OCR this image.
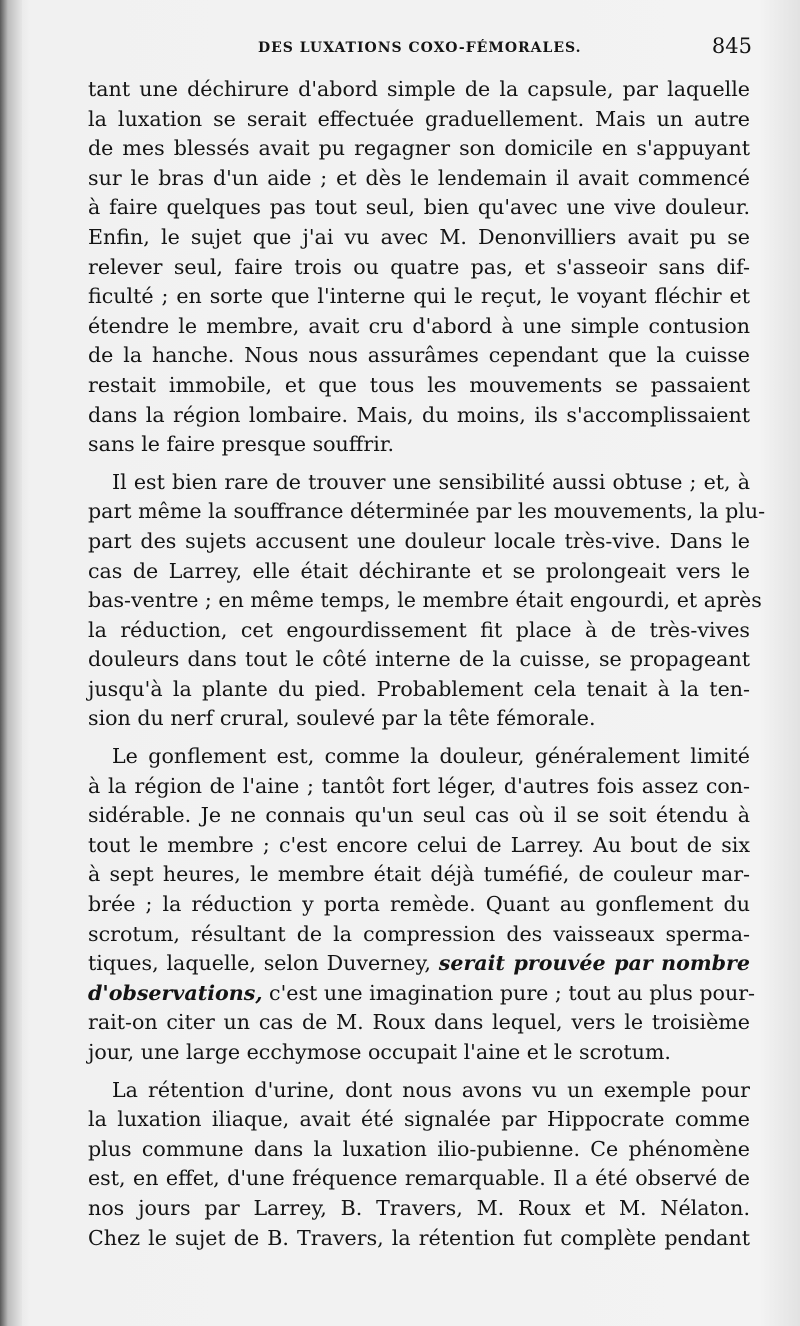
DES LUXATIONS COXO-FÉMORALES.	845
tant une déchirure d'abord simple de la capsule, par laquelle
la luxation se serait effectuée graduellement. Mais un autre
de mes blessés avait pu regagner son domicile en s'appuyant
sur le bras d'un aide ; et dès le lendemain il avait commencé
à faire quelques pas tout seul, bien qu'avec une vive douleur.
Enfin, le sujet que j'ai vu avec M. Denonvilliers avait pu se
relever seul, faire trois ou quatre pas, et s'asseoir sans dif-
ficulté ; en sorte que l'interne qui le reçut, le voyant fléchir et
étendre le membre, avait cru d'abord à une simple contusion
de la hanche. Nous nous assurâmes cependant que la cuisse
restait immobile, et que tous les mouvements se passaient
dans la région lombaire. Mais, du moins, ils s'accomplissaient
sans le faire presque souffrir.
Il est bien rare de trouver une sensibilité aussi obtuse ; et, à
part même la souffrance déterminée par les mouvements, la plu-
part des sujets accusent une douleur locale très-vive. Dans le
cas de Larrey, elle était déchirante et se prolongeait vers le
bas-ventre ; en même temps, le membre était engourdi, et après
la réduction, cet engourdissement fit place à de très-vives
douleurs dans tout le côté interne de la cuisse, se propageant
jusqu'à la plante du pied. Probablement cela tenait à la ten-
sion du nerf crural, soulevé par la tête fémorale.
Le gonflement est, comme la douleur, généralement limité
à la région de l'aine ; tantôt fort léger, d'autres fois assez con-
sidérable. Je ne connais qu'un seul cas où il se soit étendu à
tout le membre ; c'est encore celui de Larrey. Au bout de six
à sept heures, le membre était déjà tuméfié, de couleur mar-
brée ; la réduction y porta remède. Quant au gonflement du
scrotum, résultant de la compression des vaisseaux sperma-
tiques, laquelle, selon Duverney, serait prouvée par nombre
d'observations, c'est une imagination pure ; tout au plus pour-
rait-on citer un cas de M. Roux dans lequel, vers le troisième
jour, une large ecchymose occupait l'aine et le scrotum.
La rétention d'urine, dont nous avons vu un exemple pour
la luxation iliaque, avait été signalée par Hippocrate comme
plus commune dans la luxation ilio-pubienne. Ce phénomène
est, en effet, d'une fréquence remarquable. Il a été observé de
nos jours par Larrey, B. Travers, M. Roux et M. Nélaton.
Chez le sujet de B. Travers, la rétention fut complète pendant
